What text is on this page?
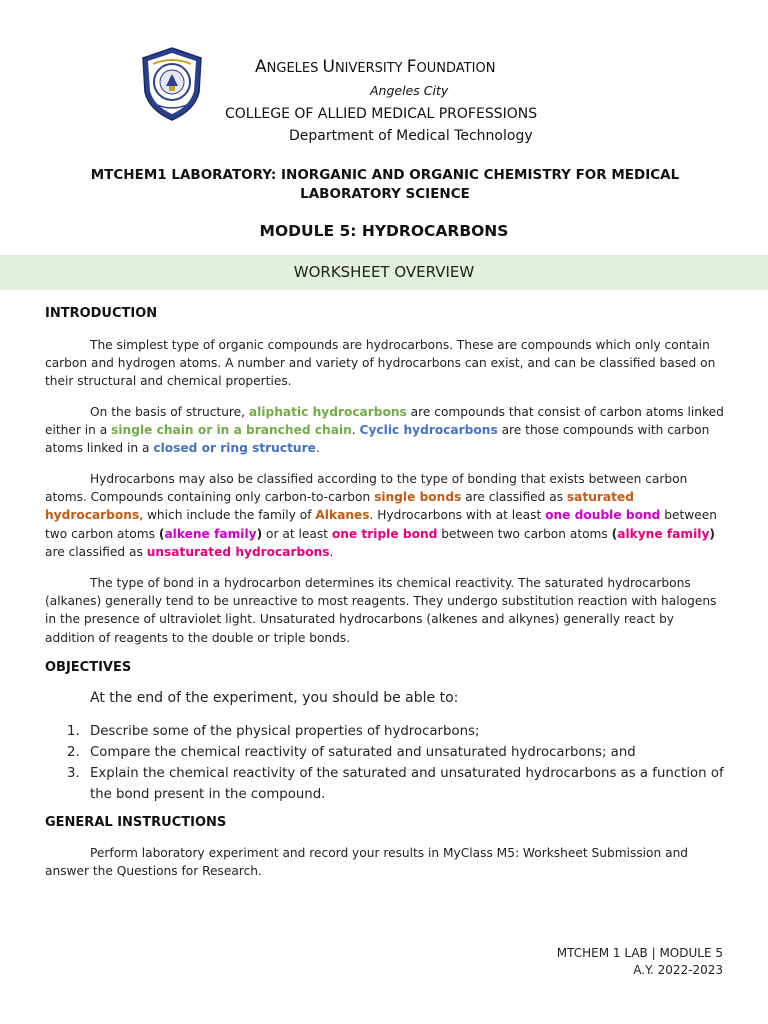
ANGELES UNIVERSITY FOUNDATION
Angeles City
COLLEGE OF ALLIED MEDICAL PROFESSIONS
Department of Medical Technology
MTCHEM1 LABORATORY: INORGANIC AND ORGANIC CHEMISTRY FOR MEDICAL
LABORATORY SCIENCE
MODULE 5: HYDROCARBONS
WORKSHEET OVERVIEW
INTRODUCTION

The simplest type of organic compounds are hydrocarbons. These are compounds which only contain carbon and hydrogen atoms. A number and variety of hydrocarbons can exist, and can be classified based on their structural and chemical properties.

On the basis of structure, aliphatic hydrocarbons are compounds that consist of carbon atoms linked either in a single chain or in a branched chain. Cyclic hydrocarbons are those compounds with carbon atoms linked in a closed or ring structure.

Hydrocarbons may also be classified according to the type of bonding that exists between carbon atoms. Compounds containing only carbon-to-carbon single bonds are classified as saturated hydrocarbons, which include the family of Alkanes. Hydrocarbons with at least one double bond between two carbon atoms (alkene family) or at least one triple bond between two carbon atoms (alkyne family) are classified as unsaturated hydrocarbons.

The type of bond in a hydrocarbon determines its chemical reactivity. The saturated hydrocarbons (alkanes) generally tend to be unreactive to most reagents. They undergo substitution reaction with halogens in the presence of ultraviolet light. Unsaturated hydrocarbons (alkenes and alkynes) generally react by addition of reagents to the double or triple bonds.

OBJECTIVES
At the end of the experiment, you should be able to:
1. Describe some of the physical properties of hydrocarbons;
2. Compare the chemical reactivity of saturated and unsaturated hydrocarbons; and
3. Explain the chemical reactivity of the saturated and unsaturated hydrocarbons as a function of the bond present in the compound.
GENERAL INSTRUCTIONS

Perform laboratory experiment and record your results in MyClass M5: Worksheet Submission and answer the Questions for Research.

MTCHEM 1 LAB | MODULE 5
A.Y. 2022-2023
